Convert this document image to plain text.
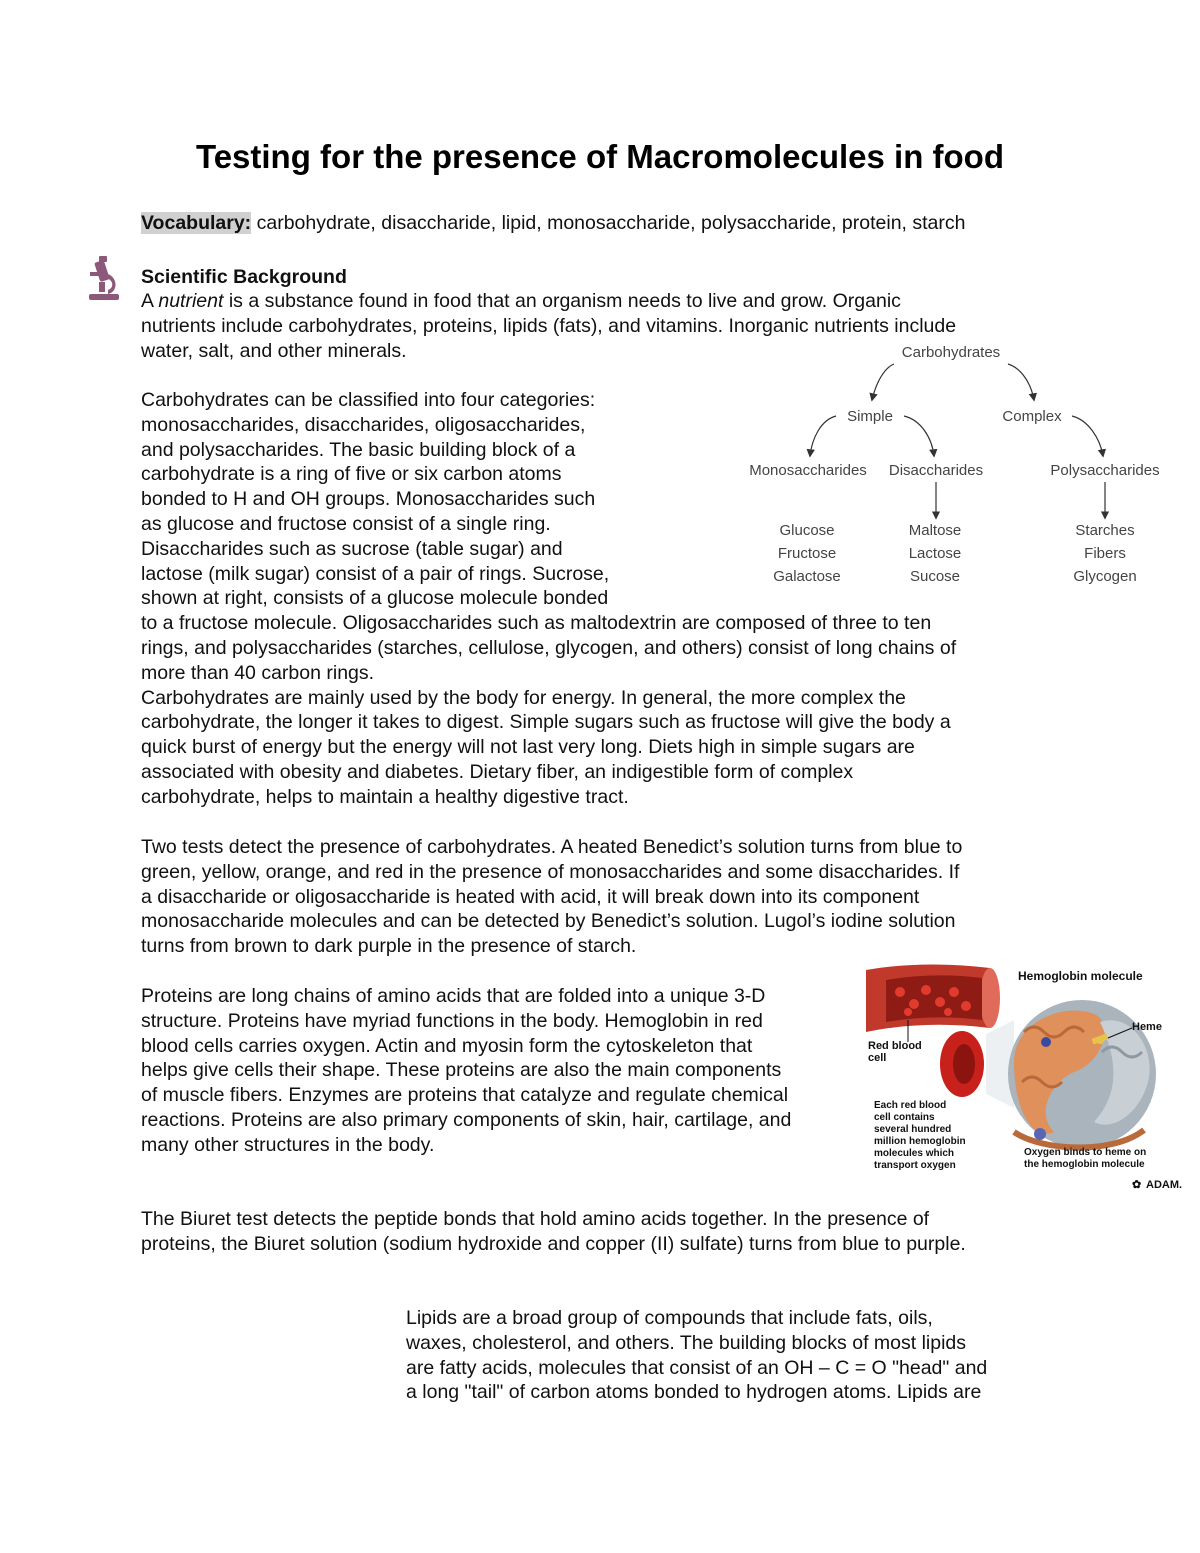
Testing for the presence of Macromolecules in food
Vocabulary: carbohydrate, disaccharide, lipid, monosaccharide, polysaccharide, protein, starch
Scientific Background
A nutrient is a substance found in food that an organism needs to live and grow. Organic
nutrients include carbohydrates, proteins, lipids (fats), and vitamins. Inorganic nutrients include
water, salt, and other minerals.
Carbohydrates can be classified into four categories:
monosaccharides, disaccharides, oligosaccharides,
and polysaccharides. The basic building block of a
carbohydrate is a ring of five or six carbon atoms
bonded to H and OH groups. Monosaccharides such
as glucose and fructose consist of a single ring.
Disaccharides such as sucrose (table sugar) and
lactose (milk sugar) consist of a pair of rings. Sucrose,
shown at right, consists of a glucose molecule bonded
to a fructose molecule. Oligosaccharides such as maltodextrin are composed of three to ten
rings, and polysaccharides (starches, cellulose, glycogen, and others) consist of long chains of
more than 40 carbon rings.
Carbohydrates are mainly used by the body for energy. In general, the more complex the
carbohydrate, the longer it takes to digest. Simple sugars such as fructose will give the body a
quick burst of energy but the energy will not last very long. Diets high in simple sugars are
associated with obesity and diabetes. Dietary fiber, an indigestible form of complex
carbohydrate, helps to maintain a healthy digestive tract.
Two tests detect the presence of carbohydrates. A heated Benedict’s solution turns from blue to
green, yellow, orange, and red in the presence of monosaccharides and some disaccharides. If
a disaccharide or oligosaccharide is heated with acid, it will break down into its component
monosaccharide molecules and can be detected by Benedict’s solution. Lugol’s iodine solution
turns from brown to dark purple in the presence of starch.
Proteins are long chains of amino acids that are folded into a unique 3-D
structure. Proteins have myriad functions in the body. Hemoglobin in red
blood cells carries oxygen. Actin and myosin form the cytoskeleton that
helps give cells their shape. These proteins are also the main components
of muscle fibers. Enzymes are proteins that catalyze and regulate chemical
reactions. Proteins are also primary components of skin, hair, cartilage, and
many other structures in the body.
The Biuret test detects the peptide bonds that hold amino acids together. In the presence of
proteins, the Biuret solution (sodium hydroxide and copper (II) sulfate) turns from blue to purple.
Lipids are a broad group of compounds that include fats, oils,
waxes, cholesterol, and others. The building blocks of most lipids
are fatty acids, molecules that consist of an OH – C = O "head" and
a long "tail" of carbon atoms bonded to hydrogen atoms. Lipids are
Carbohydrates
Simple	Complex
Monosaccharides Disaccharides	Polysaccharides
Glucose
Fructose
Galactose
Maltose
Lactose
Sucose
Starches
Fibers
Glycogen
Red blood
cell
Hemoglobin molecule
Heme
Each red blood
cell contains
several hundred
million hemoglobin
molecules which
transport oxygen
Oxygen binds to heme on
the hemoglobin molecule
✿ ADAM.
